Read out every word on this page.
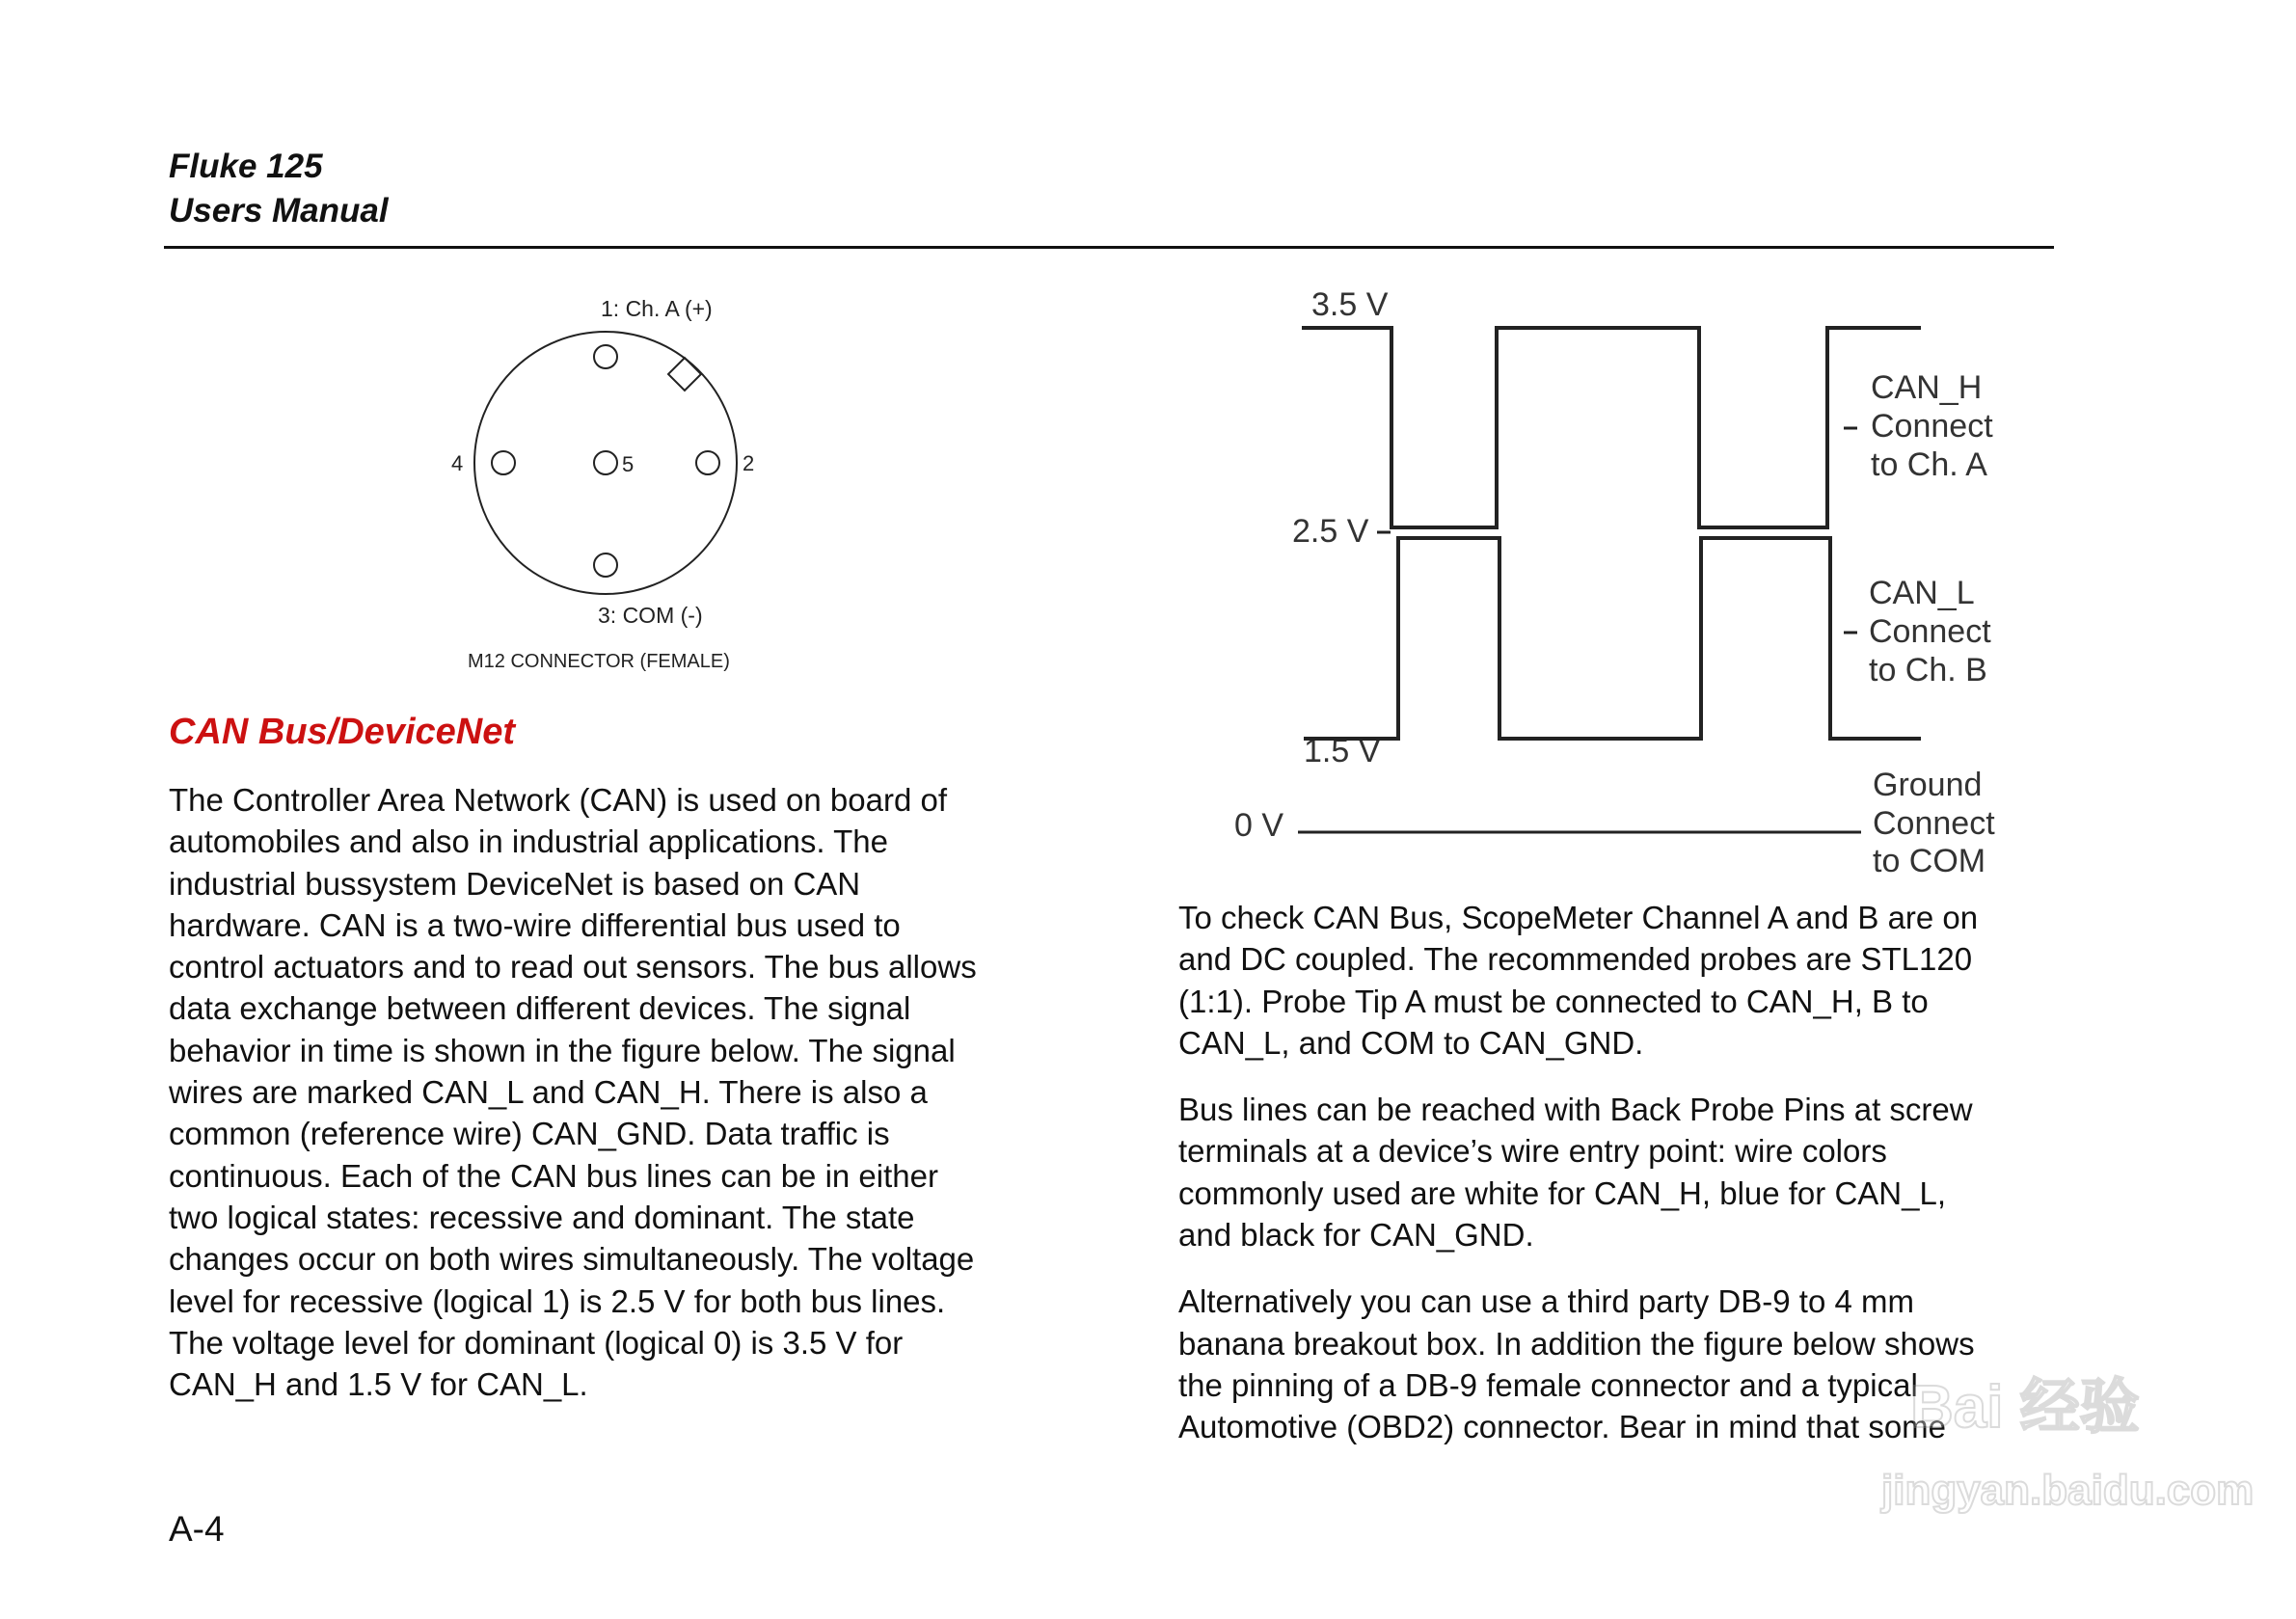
Fluke 125
Users Manual
1: Ch. A (+)
2
3: COM (-)
4	5
M12 CONNECTOR (FEMALE)
CAN Bus/DeviceNet
The Controller Area Network (CAN) is used on board of
automobiles and also in industrial applications. The
industrial bussystem DeviceNet is based on CAN
hardware. CAN is a two-wire differential bus used to
control actuators and to read out sensors. The bus allows
data exchange between different devices. The signal
behavior in time is shown in the figure below. The signal
wires are marked CAN_L and CAN_H. There is also a
common (reference wire) CAN_GND. Data traffic is
continuous. Each of the CAN bus lines can be in either
two logical states: recessive and dominant. The state
changes occur on both wires simultaneously. The voltage
level for recessive (logical 1) is 2.5 V for both bus lines.
The voltage level for dominant (logical 0) is 3.5 V for
CAN_H and 1.5 V for CAN_L.
3.5 V
2.5 V
1.5 V
0 V
CAN_H Connect to Ch. A
CAN_L Connect to Ch. B
Ground Connect to COM
To check CAN Bus, ScopeMeter Channel A and B are on
and DC coupled. The recommended probes are STL120
(1:1). Probe Tip A must be connected to CAN_H, B to
CAN_L, and COM to CAN_GND.
Bus lines can be reached with Back Probe Pins at screw
terminals at a device’s wire entry point: wire colors
commonly used are white for CAN_H, blue for CAN_L,
and black for CAN_GND.
Alternatively you can use a third party DB-9 to 4 mm
banana breakout box. In addition the figure below shows
the pinning of a DB-9 female connector and a typical
Automotive (OBD2) connector. Bear in mind that some
A-4
Bai 经验
jingyan.baidu.com
